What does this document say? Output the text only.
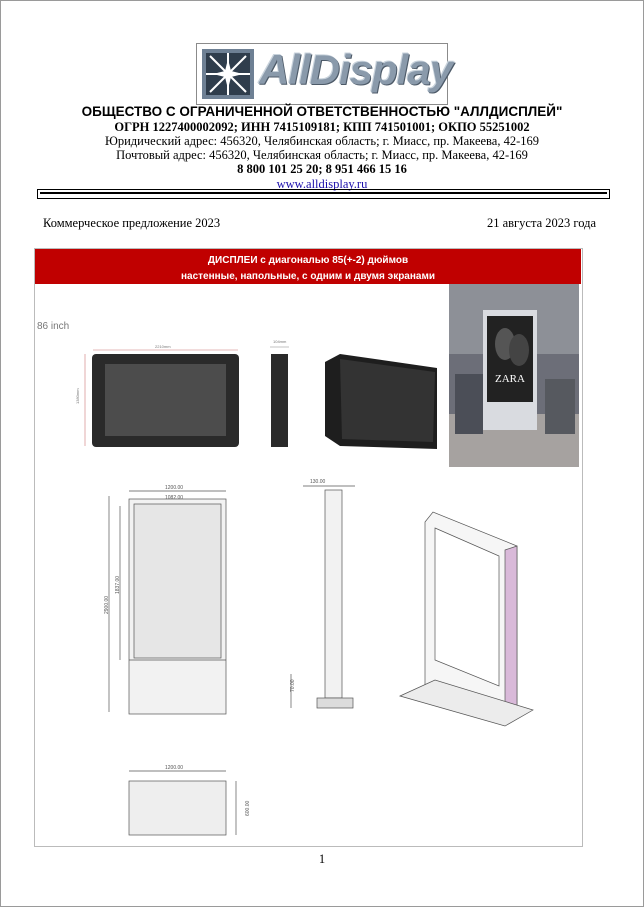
AllDisplay
ОБЩЕСТВО С ОГРАНИЧЕННОЙ ОТВЕТСТВЕННОСТЬЮ "АЛЛДИСПЛЕЙ"
ОГРН 1227400002092; ИНН 7415109181; КПП 741501001; ОКПО 55251002
Юридический адрес: 456320, Челябинская область; г. Миасс, пр. Макеева, 42-169
Почтовый адрес: 456320, Челябинская область; г. Миасс, пр. Макеева, 42-169
8 800 101 25 20; 8 951 466 15 16
www.alldisplay.ru
Коммерческое предложение 2023	21 августа 2023 года
ДИСПЛЕИ с диагональю 85(+-2) дюймов
настенные, напольные, с одним и двумя экранами
86 inch
2210mm
1380mm
104mm
ZARA
1200.00
1082.00
2900.00
1837.00
130.00
70.00
1200.00
600.00
1
